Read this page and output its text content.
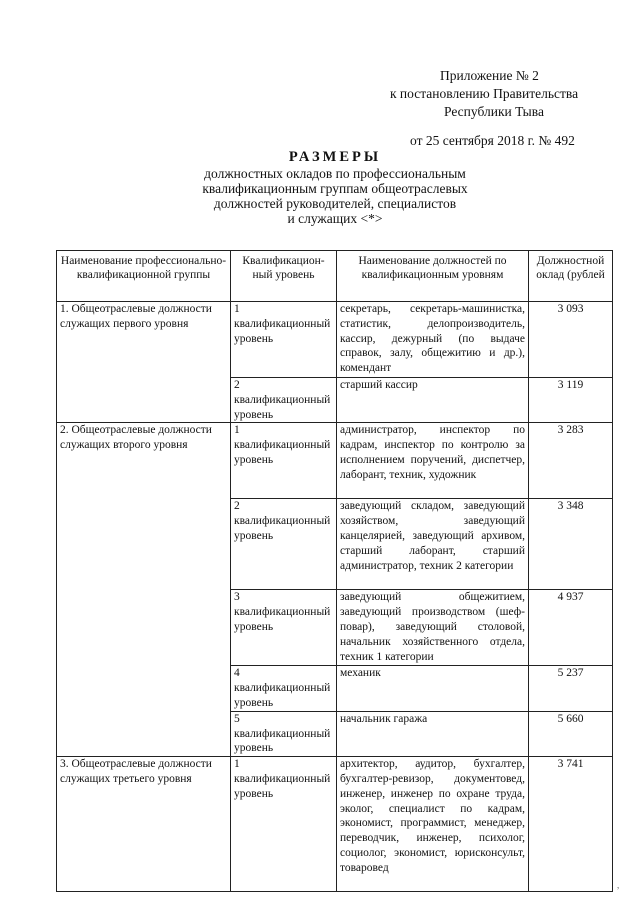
Приложение № 2
к постановлению Правительства
Республики Тыва
от 25 сентября 2018 г. № 492
РАЗМЕРЫ
должностных окладов по профессиональным
квалификационным группам общеотраслевых
должностей руководителей, специалистов
и служащих <*>
Наименование профессионально-квалификационной группы	Квалификацион-ный уровень	Наименование должностей по квалификационным уровням	Должностной оклад (рублей
1. Общеотраслевые должности служащих первого уровня	1 квалификационный уровень	секретарь, секретарь-машинистка, статистик, делопроизводитель, кассир, дежурный (по выдаче справок, залу, общежитию и др.), комендант	3 093
	2 квалификационный уровень	старший кассир	3 119
2. Общеотраслевые должности служащих второго уровня	1 квалификационный уровень	администратор, инспектор по кадрам, инспектор по контролю за исполнением поручений, диспетчер, лаборант, техник, художник	3 283
	2 квалификационный уровень	заведующий складом, заведующий хозяйством, заведующий канцелярией, заведующий архивом, старший лаборант, старший администратор, техник 2 категории	3 348
	3 квалификационный уровень	заведующий общежитием, заведующий производством (шеф-повар), заведующий столовой, начальник хозяйственного отдела, техник 1 категории	4 937
	4 квалификационный уровень	механик	5 237
	5 квалификационный уровень	начальник гаража	5 660
3. Общеотраслевые должности служащих третьего уровня	1 квалификационный уровень	архитектор, аудитор, бухгалтер, бухгалтер-ревизор, документовед, инженер, инженер по охране труда, эколог, специалист по кадрам, экономист, программист, менеджер, переводчик, инженер, психолог, социолог, экономист, юрисконсульт, товаровед	3 741
,
